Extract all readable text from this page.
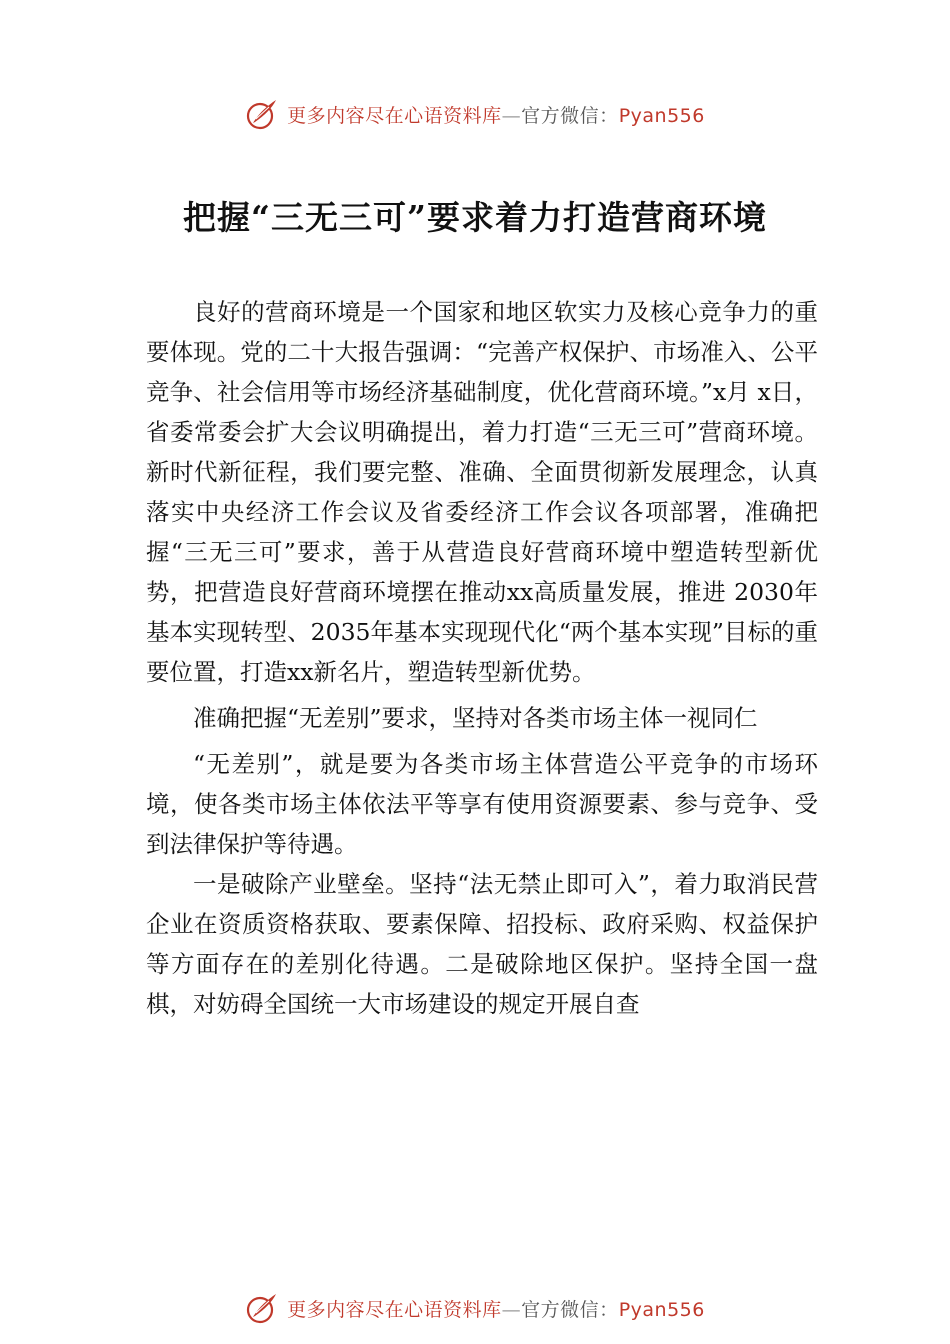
更多内容尽在心语资料库—官方微信：Pyan556
把握“三无三可”要求着力打造营商环境

良好的营商环境是一个国家和地区软实力及核心竞争力的重要体现。党的二十大报告强调：“完善产权保护、市场准入、公平竞争、社会信用等市场经济基础制度，优化营商环境。”x月 x日，省委常委会扩大会议明确提出，着力打造“三无三可”营商环境。新时代新征程，我们要完整、准确、全面贯彻新发展理念，认真落实中央经济工作会议及省委经济工作会议各项部署，准确把握“三无三可”要求，善于从营造良好营商环境中塑造转型新优势，把营造良好营商环境摆在推动xx高质量发展，推进 2030年基本实现转型、2035年基本实现现代化“两个基本实现”目标的重要位置，打造xx新名片，塑造转型新优势。

准确把握“无差别”要求，坚持对各类市场主体一视同仁

“无差别”，就是要为各类市场主体营造公平竞争的市场环境，使各类市场主体依法平等享有使用资源要素、参与竞争、受到法律保护等待遇。

一是破除产业壁垒。坚持“法无禁止即可入”，着力取消民营企业在资质资格获取、要素保障、招投标、政府采购、权益保护等方面存在的差别化待遇。二是破除地区保护。坚持全国一盘棋，对妨碍全国统一大市场建设的规定开展自查

更多内容尽在心语资料库—官方微信：Pyan556
